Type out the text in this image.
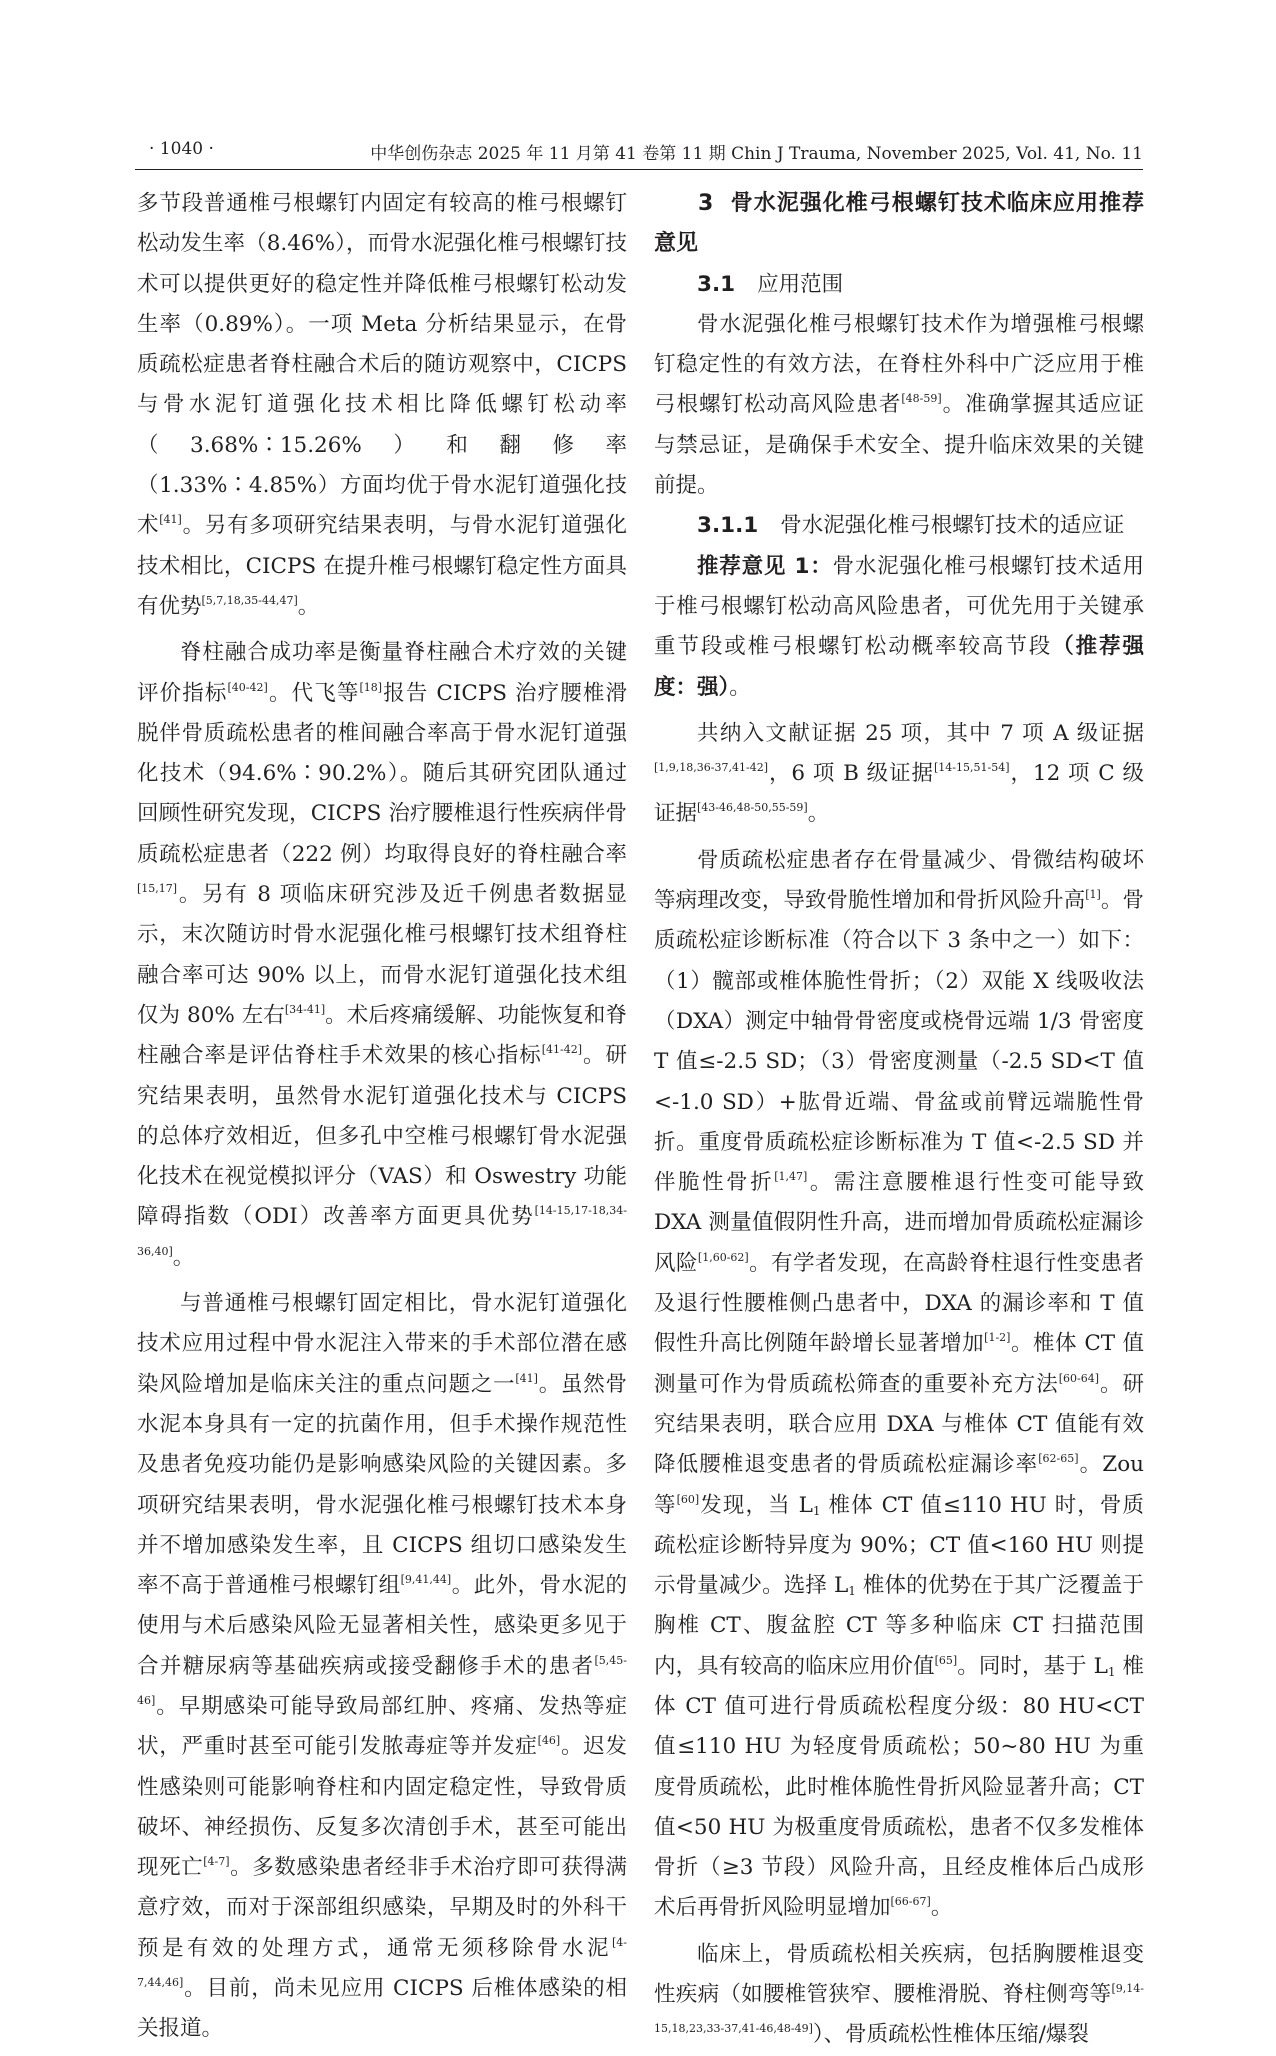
· 1040 ·	中华创伤杂志 2025 年 11 月第 41 卷第 11 期 Chin J Trauma, November 2025, Vol. 41, No. 11

多节段普通椎弓根螺钉内固定有较高的椎弓根螺钉松动发生率（8.46%），而骨水泥强化椎弓根螺钉技术可以提供更好的稳定性并降低椎弓根螺钉松动发生率（0.89%）。一项 Meta 分析结果显示，在骨质疏松症患者脊柱融合术后的随访观察中，CICPS 与骨水泥钉道强化技术相比降低螺钉松动率（3.68%∶15.26%）和翻修率（1.33%∶4.85%）方面均优于骨水泥钉道强化技术[41]。另有多项研究结果表明，与骨水泥钉道强化技术相比，CICPS 在提升椎弓根螺钉稳定性方面具有优势[5,7,18,35-44,47]。

脊柱融合成功率是衡量脊柱融合术疗效的关键评价指标[40-42]。代飞等[18]报告 CICPS 治疗腰椎滑脱伴骨质疏松患者的椎间融合率高于骨水泥钉道强化技术（94.6%∶90.2%）。随后其研究团队通过回顾性研究发现，CICPS 治疗腰椎退行性疾病伴骨质疏松症患者（222 例）均取得良好的脊柱融合率[15,17]。另有 8 项临床研究涉及近千例患者数据显示，末次随访时骨水泥强化椎弓根螺钉技术组脊柱融合率可达 90% 以上，而骨水泥钉道强化技术组仅为 80% 左右[34-41]。术后疼痛缓解、功能恢复和脊柱融合率是评估脊柱手术效果的核心指标[41-42]。研究结果表明，虽然骨水泥钉道强化技术与 CICPS 的总体疗效相近，但多孔中空椎弓根螺钉骨水泥强化技术在视觉模拟评分（VAS）和 Oswestry 功能障碍指数（ODI）改善率方面更具优势[14-15,17-18,34-36,40]。

与普通椎弓根螺钉固定相比，骨水泥钉道强化技术应用过程中骨水泥注入带来的手术部位潜在感染风险增加是临床关注的重点问题之一[41]。虽然骨水泥本身具有一定的抗菌作用，但手术操作规范性及患者免疫功能仍是影响感染风险的关键因素。多项研究结果表明，骨水泥强化椎弓根螺钉技术本身并不增加感染发生率，且 CICPS 组切口感染发生率不高于普通椎弓根螺钉组[9,41,44]。此外，骨水泥的使用与术后感染风险无显著相关性，感染更多见于合并糖尿病等基础疾病或接受翻修手术的患者[5,45-46]。早期感染可能导致局部红肿、疼痛、发热等症状，严重时甚至可能引发脓毒症等并发症[46]。迟发性感染则可能影响脊柱和内固定稳定性，导致骨质破坏、神经损伤、反复多次清创手术，甚至可能出现死亡[4-7]。多数感染患者经非手术治疗即可获得满意疗效，而对于深部组织感染，早期及时的外科干预是有效的处理方式，通常无须移除骨水泥[4-7,44,46]。目前，尚未见应用 CICPS 后椎体感染的相关报道。

3 骨水泥强化椎弓根螺钉技术临床应用推荐意见

3.1 应用范围

骨水泥强化椎弓根螺钉技术作为增强椎弓根螺钉稳定性的有效方法，在脊柱外科中广泛应用于椎弓根螺钉松动高风险患者[48-59]。准确掌握其适应证与禁忌证，是确保手术安全、提升临床效果的关键前提。

3.1.1 骨水泥强化椎弓根螺钉技术的适应证

推荐意见 1：骨水泥强化椎弓根螺钉技术适用于椎弓根螺钉松动高风险患者，可优先用于关键承重节段或椎弓根螺钉松动概率较高节段（推荐强度：强）。

共纳入文献证据 25 项，其中 7 项 A 级证据[1,9,18,36-37,41-42]，6 项 B 级证据[14-15,51-54]，12 项 C 级证据[43-46,48-50,55-59]。

骨质疏松症患者存在骨量减少、骨微结构破坏等病理改变，导致骨脆性增加和骨折风险升高[1]。骨质疏松症诊断标准（符合以下 3 条中之一）如下：（1）髋部或椎体脆性骨折；（2）双能 X 线吸收法（DXA）测定中轴骨骨密度或桡骨远端 1/3 骨密度 T 值≤-2.5 SD；（3）骨密度测量（-2.5 SD<T 值<-1.0 SD）+肱骨近端、骨盆或前臂远端脆性骨折。重度骨质疏松症诊断标准为 T 值<-2.5 SD 并伴脆性骨折[1,47]。需注意腰椎退行性变可能导致 DXA 测量值假阴性升高，进而增加骨质疏松症漏诊风险[1,60-62]。有学者发现，在高龄脊柱退行性变患者及退行性腰椎侧凸患者中，DXA 的漏诊率和 T 值假性升高比例随年龄增长显著增加[1-2]。椎体 CT 值测量可作为骨质疏松筛查的重要补充方法[60-64]。研究结果表明，联合应用 DXA 与椎体 CT 值能有效降低腰椎退变患者的骨质疏松症漏诊率[62-65]。Zou 等[60]发现，当 $L_1$ 椎体 CT 值≤110 HU 时，骨质疏松症诊断特异度为 90%；CT 值<160 HU 则提示骨量减少。选择 $L_1$ 椎体的优势在于其广泛覆盖于胸椎 CT、腹盆腔 CT 等多种临床 CT 扫描范围内，具有较高的临床应用价值[65]。同时，基于 $L_1$ 椎体 CT 值可进行骨质疏松程度分级：80 HU<CT 值≤110 HU 为轻度骨质疏松；50~80 HU 为重度骨质疏松，此时椎体脆性骨折风险显著升高；CT 值<50 HU 为极重度骨质疏松，患者不仅多发椎体骨折（≥3 节段）风险升高，且经皮椎体后凸成形术后再骨折风险明显增加[66-67]。

临床上，骨质疏松相关疾病，包括胸腰椎退变性疾病（如腰椎管狭窄、腰椎滑脱、脊柱侧弯等[9,14-15,18,23,33-37,41-46,48-49]）、骨质疏松性椎体压缩/爆裂
